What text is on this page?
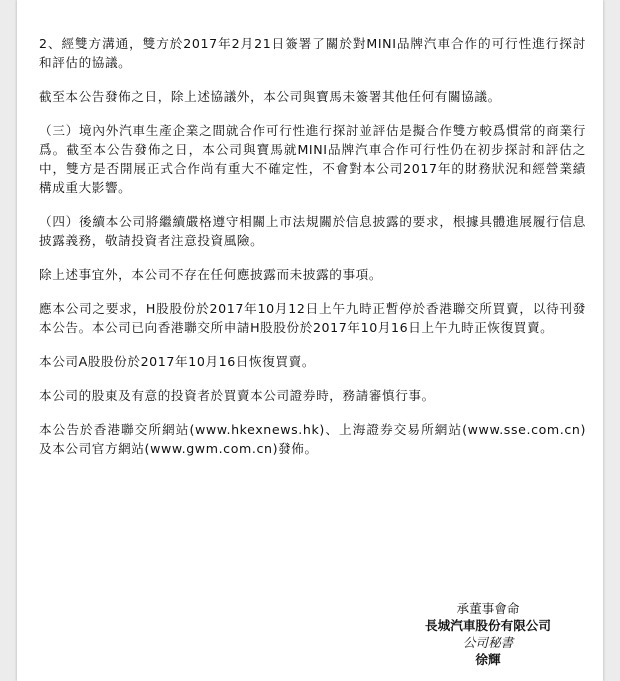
2、經雙方溝通，雙方於2017年2月21日簽署了關於對MINI品牌汽車合作的可行性進行探討和評估的協議。

截至本公告發佈之日，除上述協議外，本公司與寶馬未簽署其他任何有關協議。

（三）境內外汽車生產企業之間就合作可行性進行探討並評估是擬合作雙方較爲慣常的商業行爲。截至本公告發佈之日，本公司與寶馬就MINI品牌汽車合作可行性仍在初步探討和評估之中，雙方是否開展正式合作尚有重大不確定性，不會對本公司2017年的財務狀況和經營業績構成重大影響。

（四）後續本公司將繼續嚴格遵守相關上市法規關於信息披露的要求，根據具體進展履行信息披露義務，敬請投資者注意投資風險。

除上述事宜外，本公司不存在任何應披露而未披露的事項。

應本公司之要求，H股股份於2017年10月12日上午九時正暫停於香港聯交所買賣，以待刊發本公告。本公司已向香港聯交所申請H股股份於2017年10月16日上午九時正恢復買賣。

本公司A股股份於2017年10月16日恢復買賣。

本公司的股東及有意的投資者於買賣本公司證券時，務請審慎行事。

本公告於香港聯交所網站(www.hkexnews.hk)、上海證券交易所網站(www.sse.com.cn)及本公司官方網站(www.gwm.com.cn)發佈。

承董事會命
長城汽車股份有限公司
公司秘書
徐輝
